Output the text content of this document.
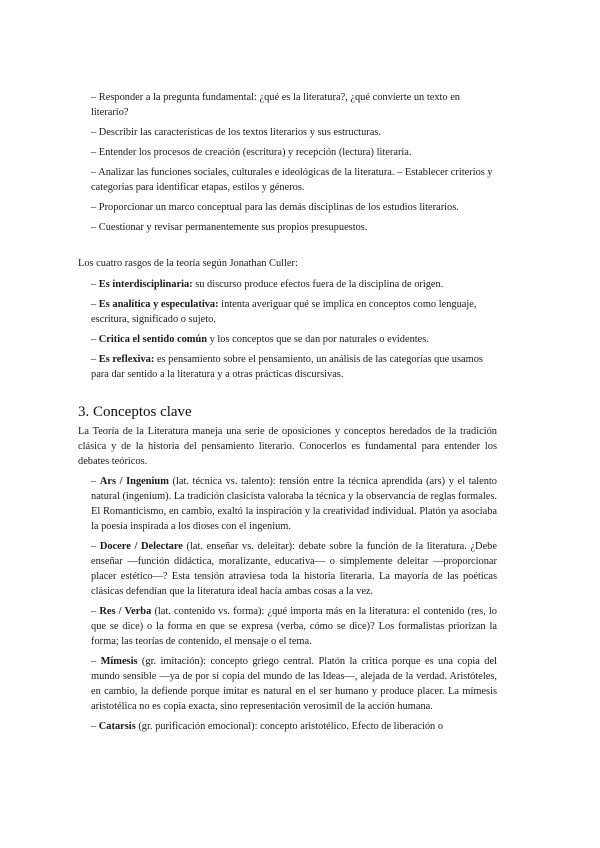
– Responder a la pregunta fundamental: ¿qué es la literatura?, ¿qué convierte un texto en literario?

– Describir las características de los textos literarios y sus estructuras.

– Entender los procesos de creación (escritura) y recepción (lectura) literaria.

– Analizar las funciones sociales, culturales e ideológicas de la literatura. – Establecer criterios y categorías para identificar etapas, estilos y géneros.

– Proporcionar un marco conceptual para las demás disciplinas de los estudios literarios.

– Cuestionar y revisar permanentemente sus propios presupuestos.

Los cuatro rasgos de la teoría según Jonathan Culler:

– Es interdisciplinaria: su discurso produce efectos fuera de la disciplina de origen.

– Es analítica y especulativa: intenta averiguar qué se implica en conceptos como lenguaje, escritura, significado o sujeto.

– Critica el sentido común y los conceptos que se dan por naturales o evidentes.

– Es reflexiva: es pensamiento sobre el pensamiento, un análisis de las categorías que usamos para dar sentido a la literatura y a otras prácticas discursivas.

3. Conceptos clave

La Teoría de la Literatura maneja una serie de oposiciones y conceptos heredados de la tradición clásica y de la historia del pensamiento literario. Conocerlos es fundamental para entender los debates teóricos.

– Ars / Ingenium (lat. técnica vs. talento): tensión entre la técnica aprendida (ars) y el talento natural (ingenium). La tradición clasicista valoraba la técnica y la observancia de reglas formales. El Romanticismo, en cambio, exaltó la inspiración y la creatividad individual. Platón ya asociaba la poesía inspirada a los dioses con el ingenium.

– Docere / Delectare (lat. enseñar vs. deleitar): debate sobre la función de la literatura. ¿Debe enseñar —función didáctica, moralizante, educativa— o simplemente deleitar —proporcionar placer estético—? Esta tensión atraviesa toda la historia literaria. La mayoría de las poéticas clásicas defendían que la literatura ideal hacía ambas cosas a la vez.

– Res / Verba (lat. contenido vs. forma): ¿qué importa más en la literatura: el contenido (res, lo que se dice) o la forma en que se expresa (verba, cómo se dice)? Los formalistas priorizan la forma; las teorías de contenido, el mensaje o el tema.

– Mímesis (gr. imitación): concepto griego central. Platón la critica porque es una copia del mundo sensible —ya de por sí copia del mundo de las Ideas—, alejada de la verdad. Aristóteles, en cambio, la defiende porque imitar es natural en el ser humano y produce placer. La mímesis aristotélica no es copia exacta, sino representación verosímil de la acción humana.

– Catarsis (gr. purificación emocional): concepto aristotélico. Efecto de liberación o
